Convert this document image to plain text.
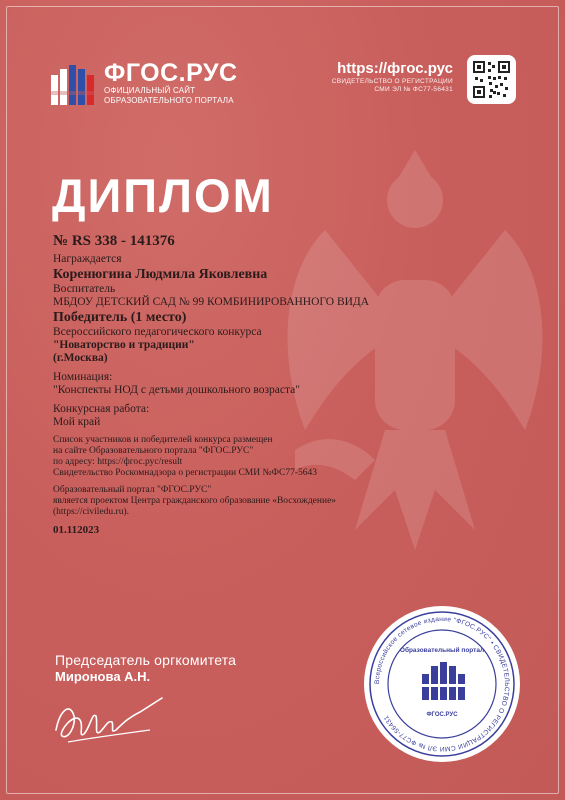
ФГОС.РУС
ОФИЦИАЛЬНЫЙ САЙТ
ОБРАЗОВАТЕЛЬНОГО ПОРТАЛА
https://фгос.рус
СВИДЕТЕЛЬСТВО О РЕГИСТРАЦИИ
СМИ ЭЛ № ФС77-56431
ДИПЛОМ
№ RS 338 - 141376
Награждается
Коренюгина Людмила Яковлевна
Воспитатель
МБДОУ ДЕТСКИЙ САД № 99 КОМБИНИРОВАННОГО ВИДА
Победитель (1 место)
Всероссийского педагогического конкурса
"Новаторство и традиции"
(г.Москва)
Номинация:
"Конспекты НОД с детьми дошкольного возраста"
Конкурсная работа:
Мой край
Список участников и победителей конкурса размещен
на сайте Образовательного портала "ФГОС.РУС"
по адресу: https://фгос.рус/result
Свидетельство Роскомнадзора о регистрации СМИ №ФС77-5643
Образовательный портал "ФГОС.РУС"
является проектом Центра гражданского образование «Восхождение»
(https://civiledu.ru).
01.112023
Председатель оргкомитета
Миронова А.Н.	Всероссийское сетевое издание "ФГОС.РУС" • СВИДЕТЕЛЬСТВО О РЕГИСТРАЦИИ СМИ ЭЛ № ФС77-56431
Образовательный портал
ФГОС.РУС
